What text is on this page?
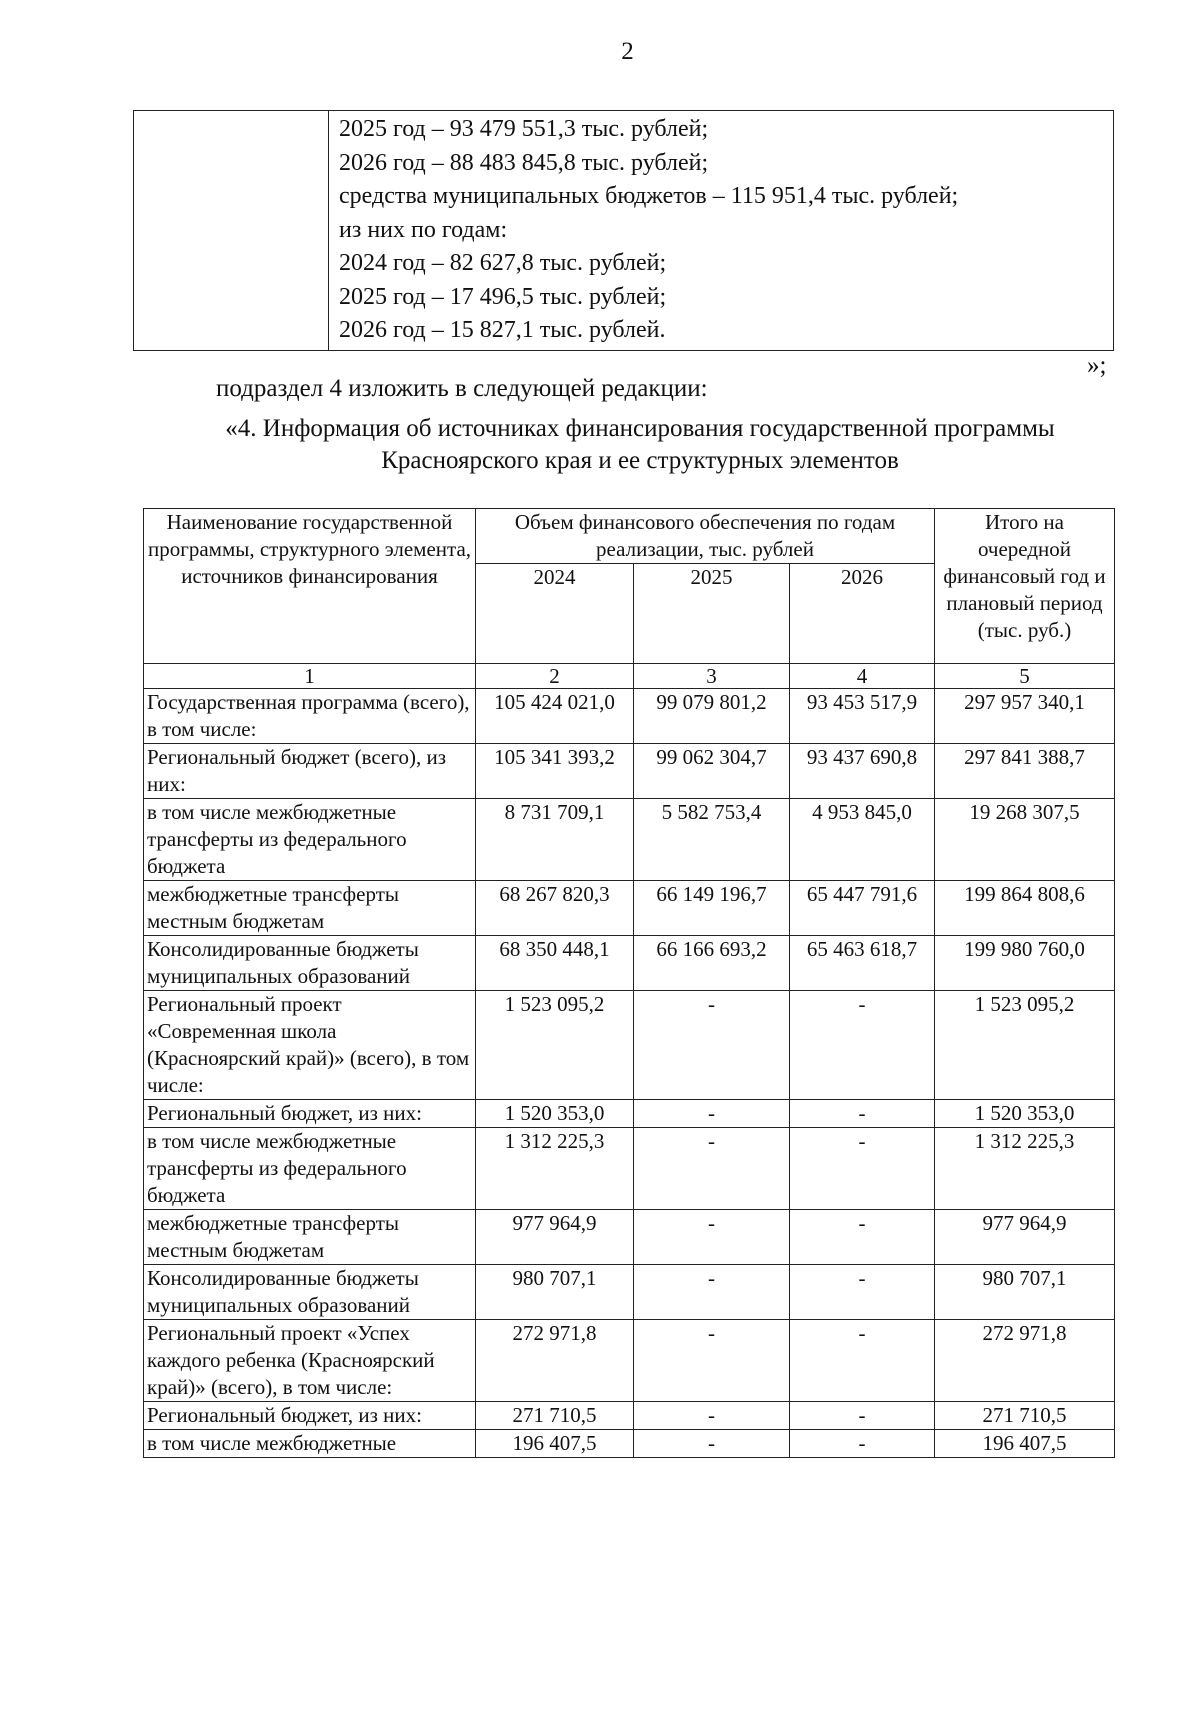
2

2025 год – 93 479 551,3 тыс. рублей;
2026 год – 88 483 845,8 тыс. рублей;
средства муниципальных бюджетов – 115 951,4 тыс. рублей;
из них по годам:
2024 год – 82 627,8 тыс. рублей;
2025 год – 17 496,5 тыс. рублей;
2026 год – 15 827,1 тыс. рублей.
»;
подраздел 4 изложить в следующей редакции:
«4. Информация об источниках финансирования государственной программы
Красноярского края и ее структурных элементов
Наименование государственной программы, структурного элемента, источников финансирования	Объем финансового обеспечения по годам реализации, тыс. рублей			Итого на очередной финансовый год и плановый период (тыс. руб.)
	2024	2025	2026	
1	2	3	4	5
Государственная программа (всего), в том числе:	105 424 021,0	99 079 801,2	93 453 517,9	297 957 340,1
Региональный бюджет (всего), из них:	105 341 393,2	99 062 304,7	93 437 690,8	297 841 388,7
в том числе межбюджетные трансферты из федерального бюджета	8 731 709,1	5 582 753,4	4 953 845,0	19 268 307,5
межбюджетные трансферты местным бюджетам	68 267 820,3	66 149 196,7	65 447 791,6	199 864 808,6
Консолидированные бюджеты муниципальных образований	68 350 448,1	66 166 693,2	65 463 618,7	199 980 760,0
Региональный проект «Современная школа (Красноярский край)» (всего), в том числе:	1 523 095,2	-	-	1 523 095,2
Региональный бюджет, из них:	1 520 353,0	-	-	1 520 353,0
в том числе межбюджетные трансферты из федерального бюджета	1 312 225,3	-	-	1 312 225,3
межбюджетные трансферты местным бюджетам	977 964,9	-	-	977 964,9
Консолидированные бюджеты муниципальных образований	980 707,1	-	-	980 707,1
Региональный проект «Успех каждого ребенка (Красноярский край)» (всего), в том числе:	272 971,8	-	-	272 971,8
Региональный бюджет, из них:	271 710,5	-	-	271 710,5
в том числе межбюджетные	196 407,5	-	-	196 407,5
